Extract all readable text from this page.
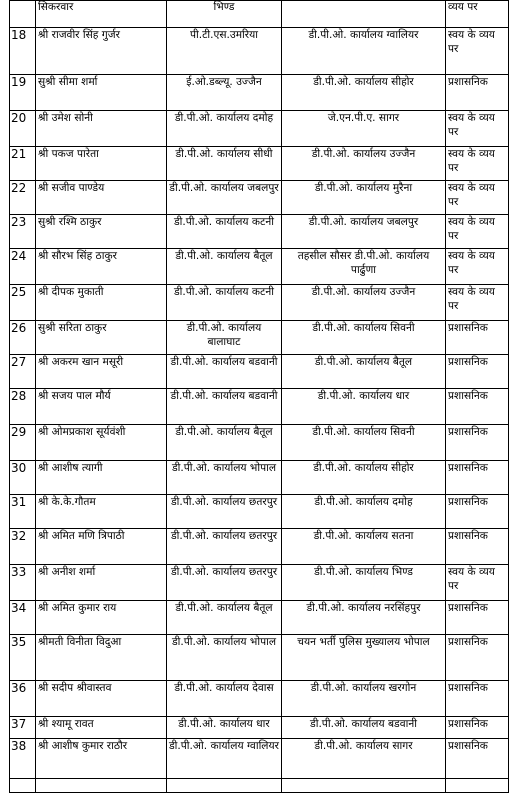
	सिकरवार	भिण्ड		व्यय पर
18	श्री राजवीर सिंह गुर्जर	पी.टी.एस.उमरिया	डी.पी.ओ. कार्यालय ग्वालियर	स्वय के व्यय पर
19	सुश्री सीमा शर्मा	ई.ओ.डब्ल्यू. उज्जैन	डी.पी.ओ. कार्यालय सीहोर	प्रशासनिक
20	श्री उमेश सोनी	डी.पी.ओ. कार्यालय दमोह	जे.एन.पी.ए. सागर	स्वय के व्यय पर
21	श्री पकज पारेता	डी.पी.ओ. कार्यालय सीधी	डी.पी.ओ. कार्यालय उज्जैन	स्वय के व्यय पर
22	श्री सजीव पाण्डेय	डी.पी.ओ. कार्यालय जबलपुर	डी.पी.ओ. कार्यालय मुरैना	स्वय के व्यय पर
23	सुश्री रश्मि ठाकुर	डी.पी.ओ. कार्यालय कटनी	डी.पी.ओ. कार्यालय जबलपुर	स्वय के व्यय पर
24	श्री सौरभ सिंह ठाकुर	डी.पी.ओ. कार्यालय बैतूल	तहसील सौसर डी.पी.ओ. कार्यालय पार्ढुणा	स्वय के व्यय पर
25	श्री दीपक मुकाती	डी.पी.ओ. कार्यालय कटनी	डी.पी.ओ. कार्यालय उज्जैन	स्वय के व्यय पर
26	सुश्री सरिता ठाकुर	डी.पी.ओ. कार्यालय बालाघाट	डी.पी.ओ. कार्यालय सिवनी	प्रशासनिक
27	श्री अकरम खान मसूरी	डी.पी.ओ. कार्यालय बडवानी	डी.पी.ओ. कार्यालय बैतूल	प्रशासनिक
28	श्री सजय पाल मौर्य	डी.पी.ओ. कार्यालय बडवानी	डी.पी.ओ. कार्यालय धार	प्रशासनिक
29	श्री ओमप्रकाश सूर्यवंशी	डी.पी.ओ. कार्यालय बैतूल	डी.पी.ओ. कार्यालय सिवनी	प्रशासनिक
30	श्री आशीष त्यागी	डी.पी.ओ. कार्यालय भोपाल	डी.पी.ओ. कार्यालय सीहोर	प्रशासनिक
31	श्री के.के.गौतम	डी.पी.ओ. कार्यालय छतरपुर	डी.पी.ओ. कार्यालय दमोह	प्रशासनिक
32	श्री अमित मणि त्रिपाठी	डी.पी.ओ. कार्यालय छतरपुर	डी.पी.ओ. कार्यालय सतना	प्रशासनिक
33	श्री अनीश शर्मा	डी.पी.ओ. कार्यालय छतरपुर	डी.पी.ओ. कार्यालय भिण्ड	स्वय के व्यय पर
34	श्री अमित कुमार राय	डी.पी.ओ. कार्यालय बैतूल	डी.पी.ओ. कार्यालय नरसिंहपुर	प्रशासनिक
35	श्रीमती विनीता विदुआ	डी.पी.ओ. कार्यालय भोपाल	चयन भर्ती पुलिस मुख्यालय भोपाल	प्रशासनिक
36	श्री सदीप श्रीवास्तव	डी.पी.ओ. कार्यालय देवास	डी.पी.ओ. कार्यालय खरगोन	प्रशासनिक
37	श्री श्यामू रावत	डी.पी.ओ. कार्यालय धार	डी.पी.ओ. कार्यालय बडवानी	प्रशासनिक
38	श्री आशीष कुमार राठौर	डी.पी.ओ. कार्यालय ग्वालियर	डी.पी.ओ. कार्यालय सागर	प्रशासनिक
